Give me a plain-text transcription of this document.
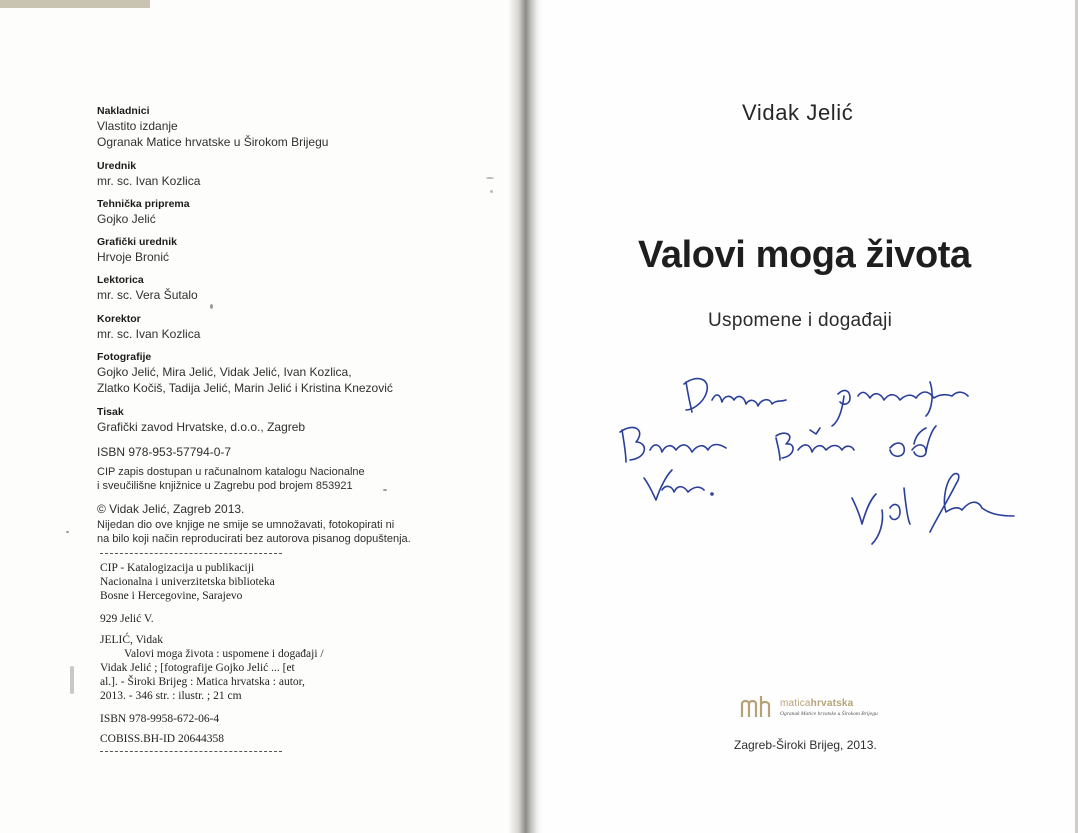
Nakladnici
Vlastito izdanje
Ogranak Matice hrvatske u Širokom Brijegu
Urednik
mr. sc. Ivan Kozlica
Tehnička priprema
Gojko Jelić
Grafički urednik
Hrvoje Bronić
Lektorica
mr. sc. Vera Šutalo
Korektor
mr. sc. Ivan Kozlica
Fotografije
Gojko Jelić, Mira Jelić, Vidak Jelić, Ivan Kozlica,
Zlatko Kočiš, Tadija Jelić, Marin Jelić i Kristina Knezović
Tisak
Grafički zavod Hrvatske, d.o.o., Zagreb
ISBN 978-953-57794-0-7
CIP zapis dostupan u računalnom katalogu Nacionalne
i sveučilišne knjižnice u Zagrebu pod brojem 853921
© Vidak Jelić, Zagreb 2013.
Nijedan dio ove knjige ne smije se umnožavati, fotokopirati ni
na bilo koji način reproducirati bez autorova pisanog dopuštenja.
CIP - Katalogizacija u publikaciji
Nacionalna i univerzitetska biblioteka
Bosne i Hercegovine, Sarajevo
929 Jelić V.
JELIĆ, Vidak
Valovi moga života : uspomene i događaji /
Vidak Jelić ; [fotografije Gojko Jelić ... [et
al.]. - Široki Brijeg : Matica hrvatska : autor,
2013. - 346 str. : ilustr. ; 21 cm
ISBN 978-9958-672-06-4
COBISS.BH-ID 20644358
Vidak Jelić
Valovi moga života
Uspomene i događaji
maticahrvatska
Ogranak Matice hrvatske u Širokom Brijegu
Zagreb-Široki Brijeg, 2013.
